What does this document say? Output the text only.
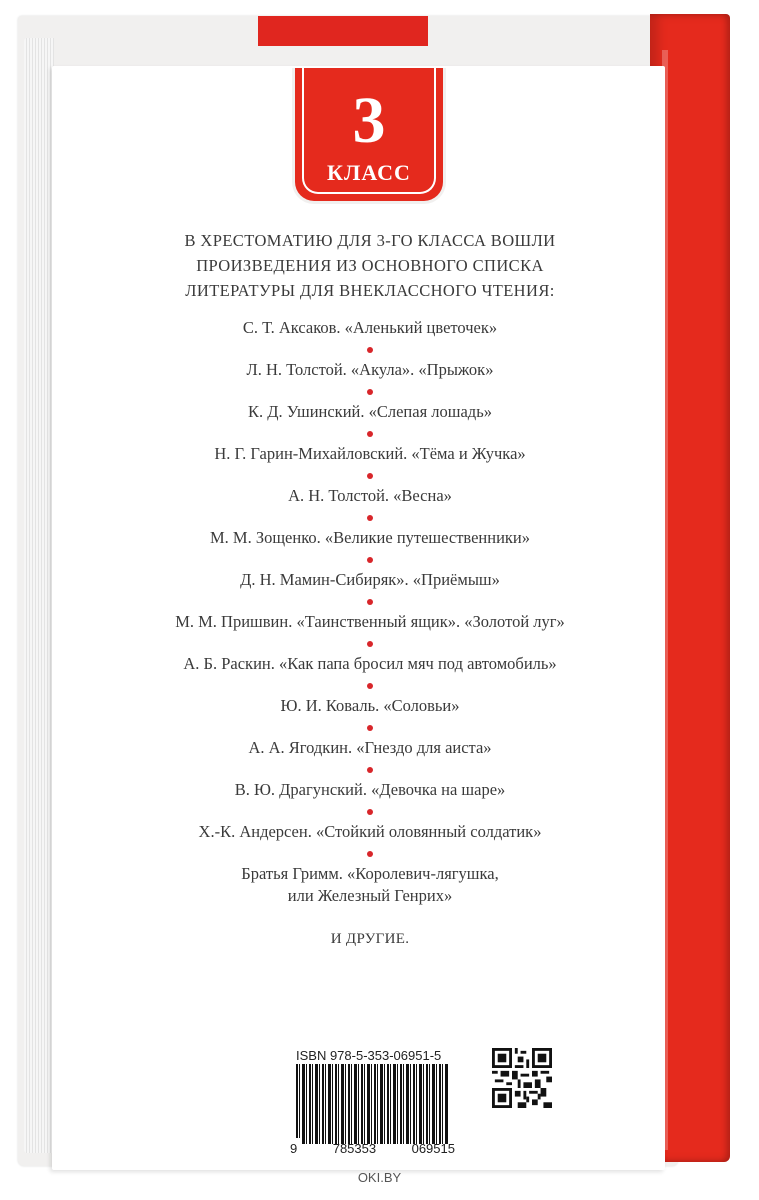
3
КЛАСС

В ХРЕСТОМАТИЮ ДЛЯ 3-ГО КЛАССА ВОШЛИ
ПРОИЗВЕДЕНИЯ ИЗ ОСНОВНОГО СПИСКА
ЛИТЕРАТУРЫ ДЛЯ ВНЕКЛАССНОГО ЧТЕНИЯ:

С. Т. Аксаков. «Аленький цветочек»

Л. Н. Толстой. «Акула». «Прыжок»

К. Д. Ушинский. «Слепая лошадь»

Н. Г. Гарин-Михайловский. «Тёма и Жучка»

А. Н. Толстой. «Весна»

М. М. Зощенко. «Великие путешественники»

Д. Н. Мамин-Сибиряк». «Приёмыш»

М. М. Пришвин. «Таинственный ящик». «Золотой луг»

А. Б. Раскин. «Как папа бросил мяч под автомобиль»

Ю. И. Коваль. «Соловьи»

А. А. Ягодкин. «Гнездо для аиста»

В. Ю. Драгунский. «Девочка на шаре»

Х.-К. Андерсен. «Стойкий оловянный солдатик»

Братья Гримм. «Королевич-лягушка,

или Железный Генрих»

И ДРУГИЕ.

ISBN 978-5-353-06951-5
9	785353	069515
OKI.BY
